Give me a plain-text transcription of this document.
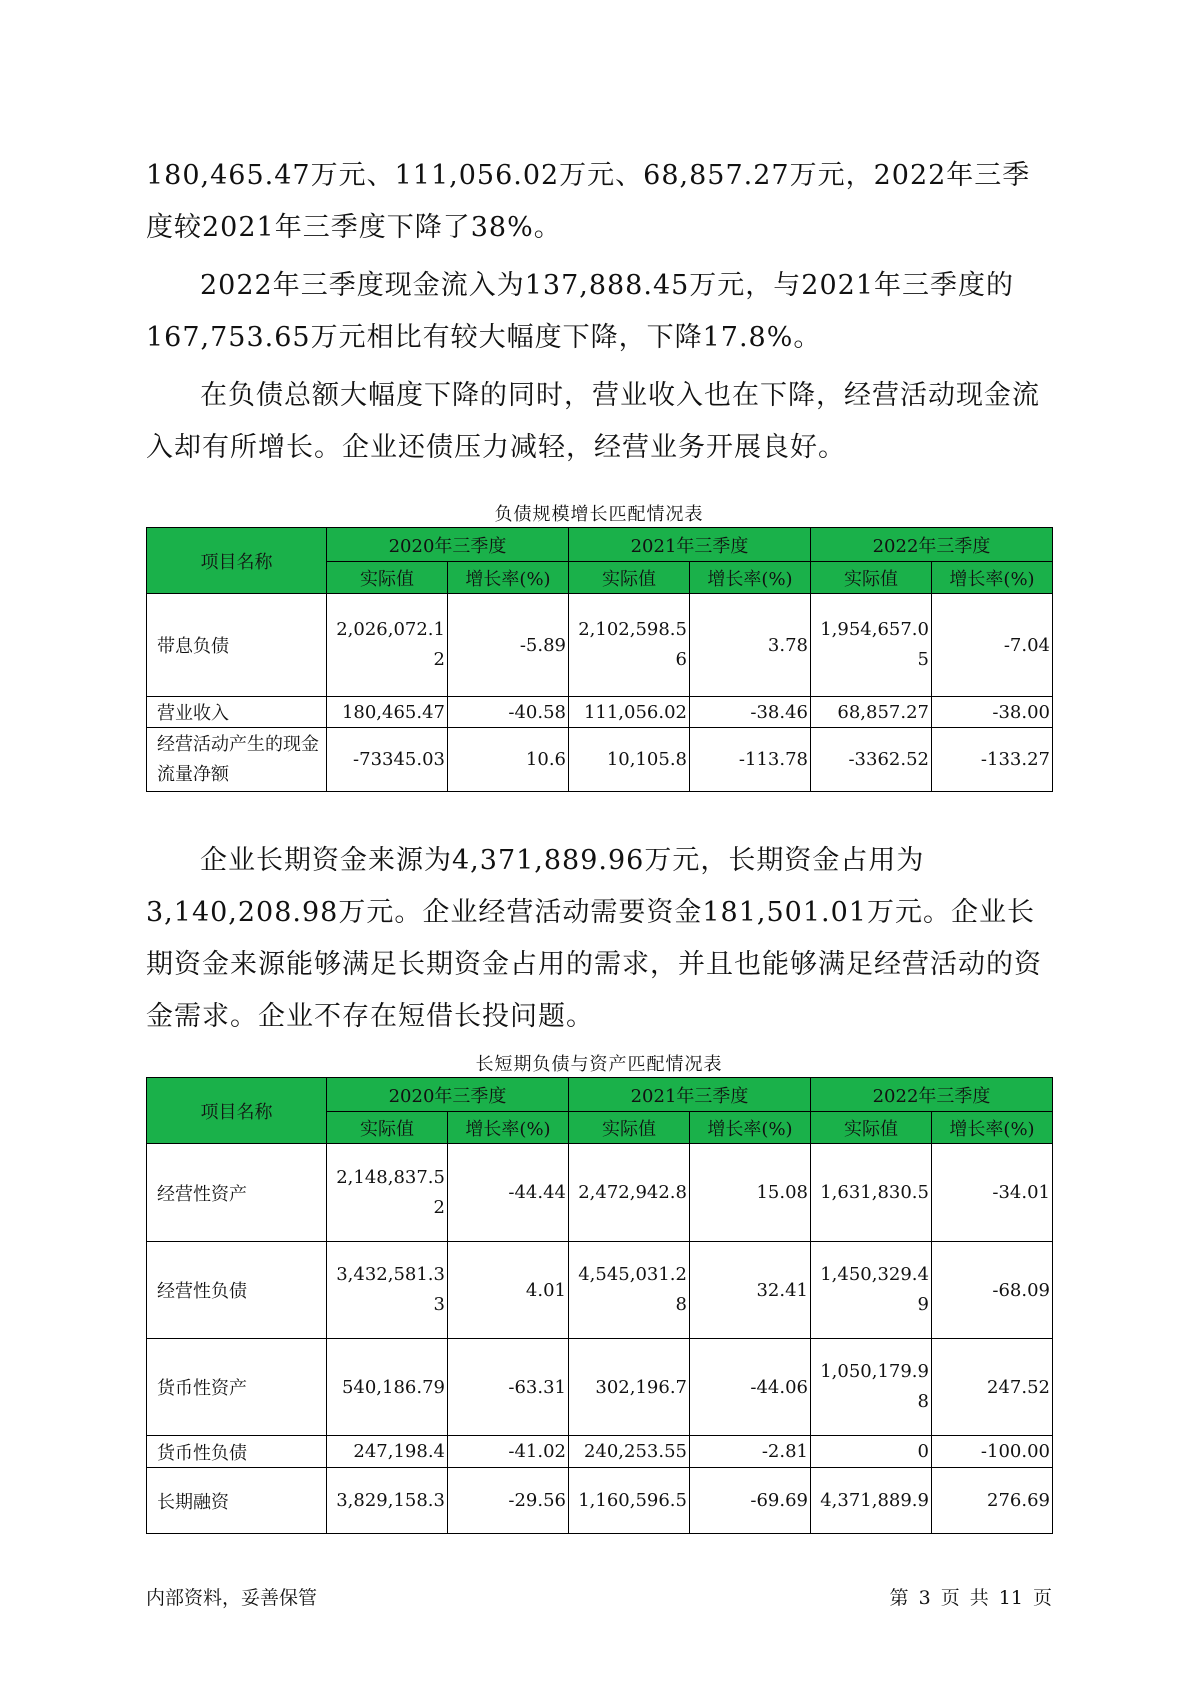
180,465.47万元、111,056.02万元、68,857.27万元，2022年三季度较2021年三季度下降了38%。

2022年三季度现金流入为137,888.45万元，与2021年三季度的167,753.65万元相比有较大幅度下降，下降17.8%。

在负债总额大幅度下降的同时，营业收入也在下降，经营活动现金流入却有所增长。企业还债压力减轻，经营业务开展良好。

负债规模增长匹配情况表
项目名称	2020年三季度		2021年三季度		2022年三季度	
	实际值	增长率(%)	实际值	增长率(%)	实际值	增长率(%)
带息负债	2,026,072.12	-5.89	2,102,598.56	3.78	1,954,657.05	-7.04
营业收入	180,465.47	-40.58	111,056.02	-38.46	68,857.27	-38.00
经营活动产生的现金流量净额	-73345.03	10.6	10,105.8	-113.78	-3362.52	-133.27

企业长期资金来源为4,371,889.96万元，长期资金占用为3,140,208.98万元。企业经营活动需要资金181,501.01万元。企业长期资金来源能够满足长期资金占用的需求，并且也能够满足经营活动的资金需求。企业不存在短借长投问题。

长短期负债与资产匹配情况表
项目名称	2020年三季度		2021年三季度		2022年三季度	
	实际值	增长率(%)	实际值	增长率(%)	实际值	增长率(%)
经营性资产	2,148,837.52	-44.44	2,472,942.8	15.08	1,631,830.5	-34.01
经营性负债	3,432,581.33	4.01	4,545,031.28	32.41	1,450,329.49	-68.09
货币性资产	540,186.79	-63.31	302,196.7	-44.06	1,050,179.98	247.52
货币性负债	247,198.4	-41.02	240,253.55	-2.81	0	-100.00
长期融资	3,829,158.3	-29.56	1,160,596.5	-69.69	4,371,889.9	276.69
内部资料，妥善保管	第 3 页 共 11 页
